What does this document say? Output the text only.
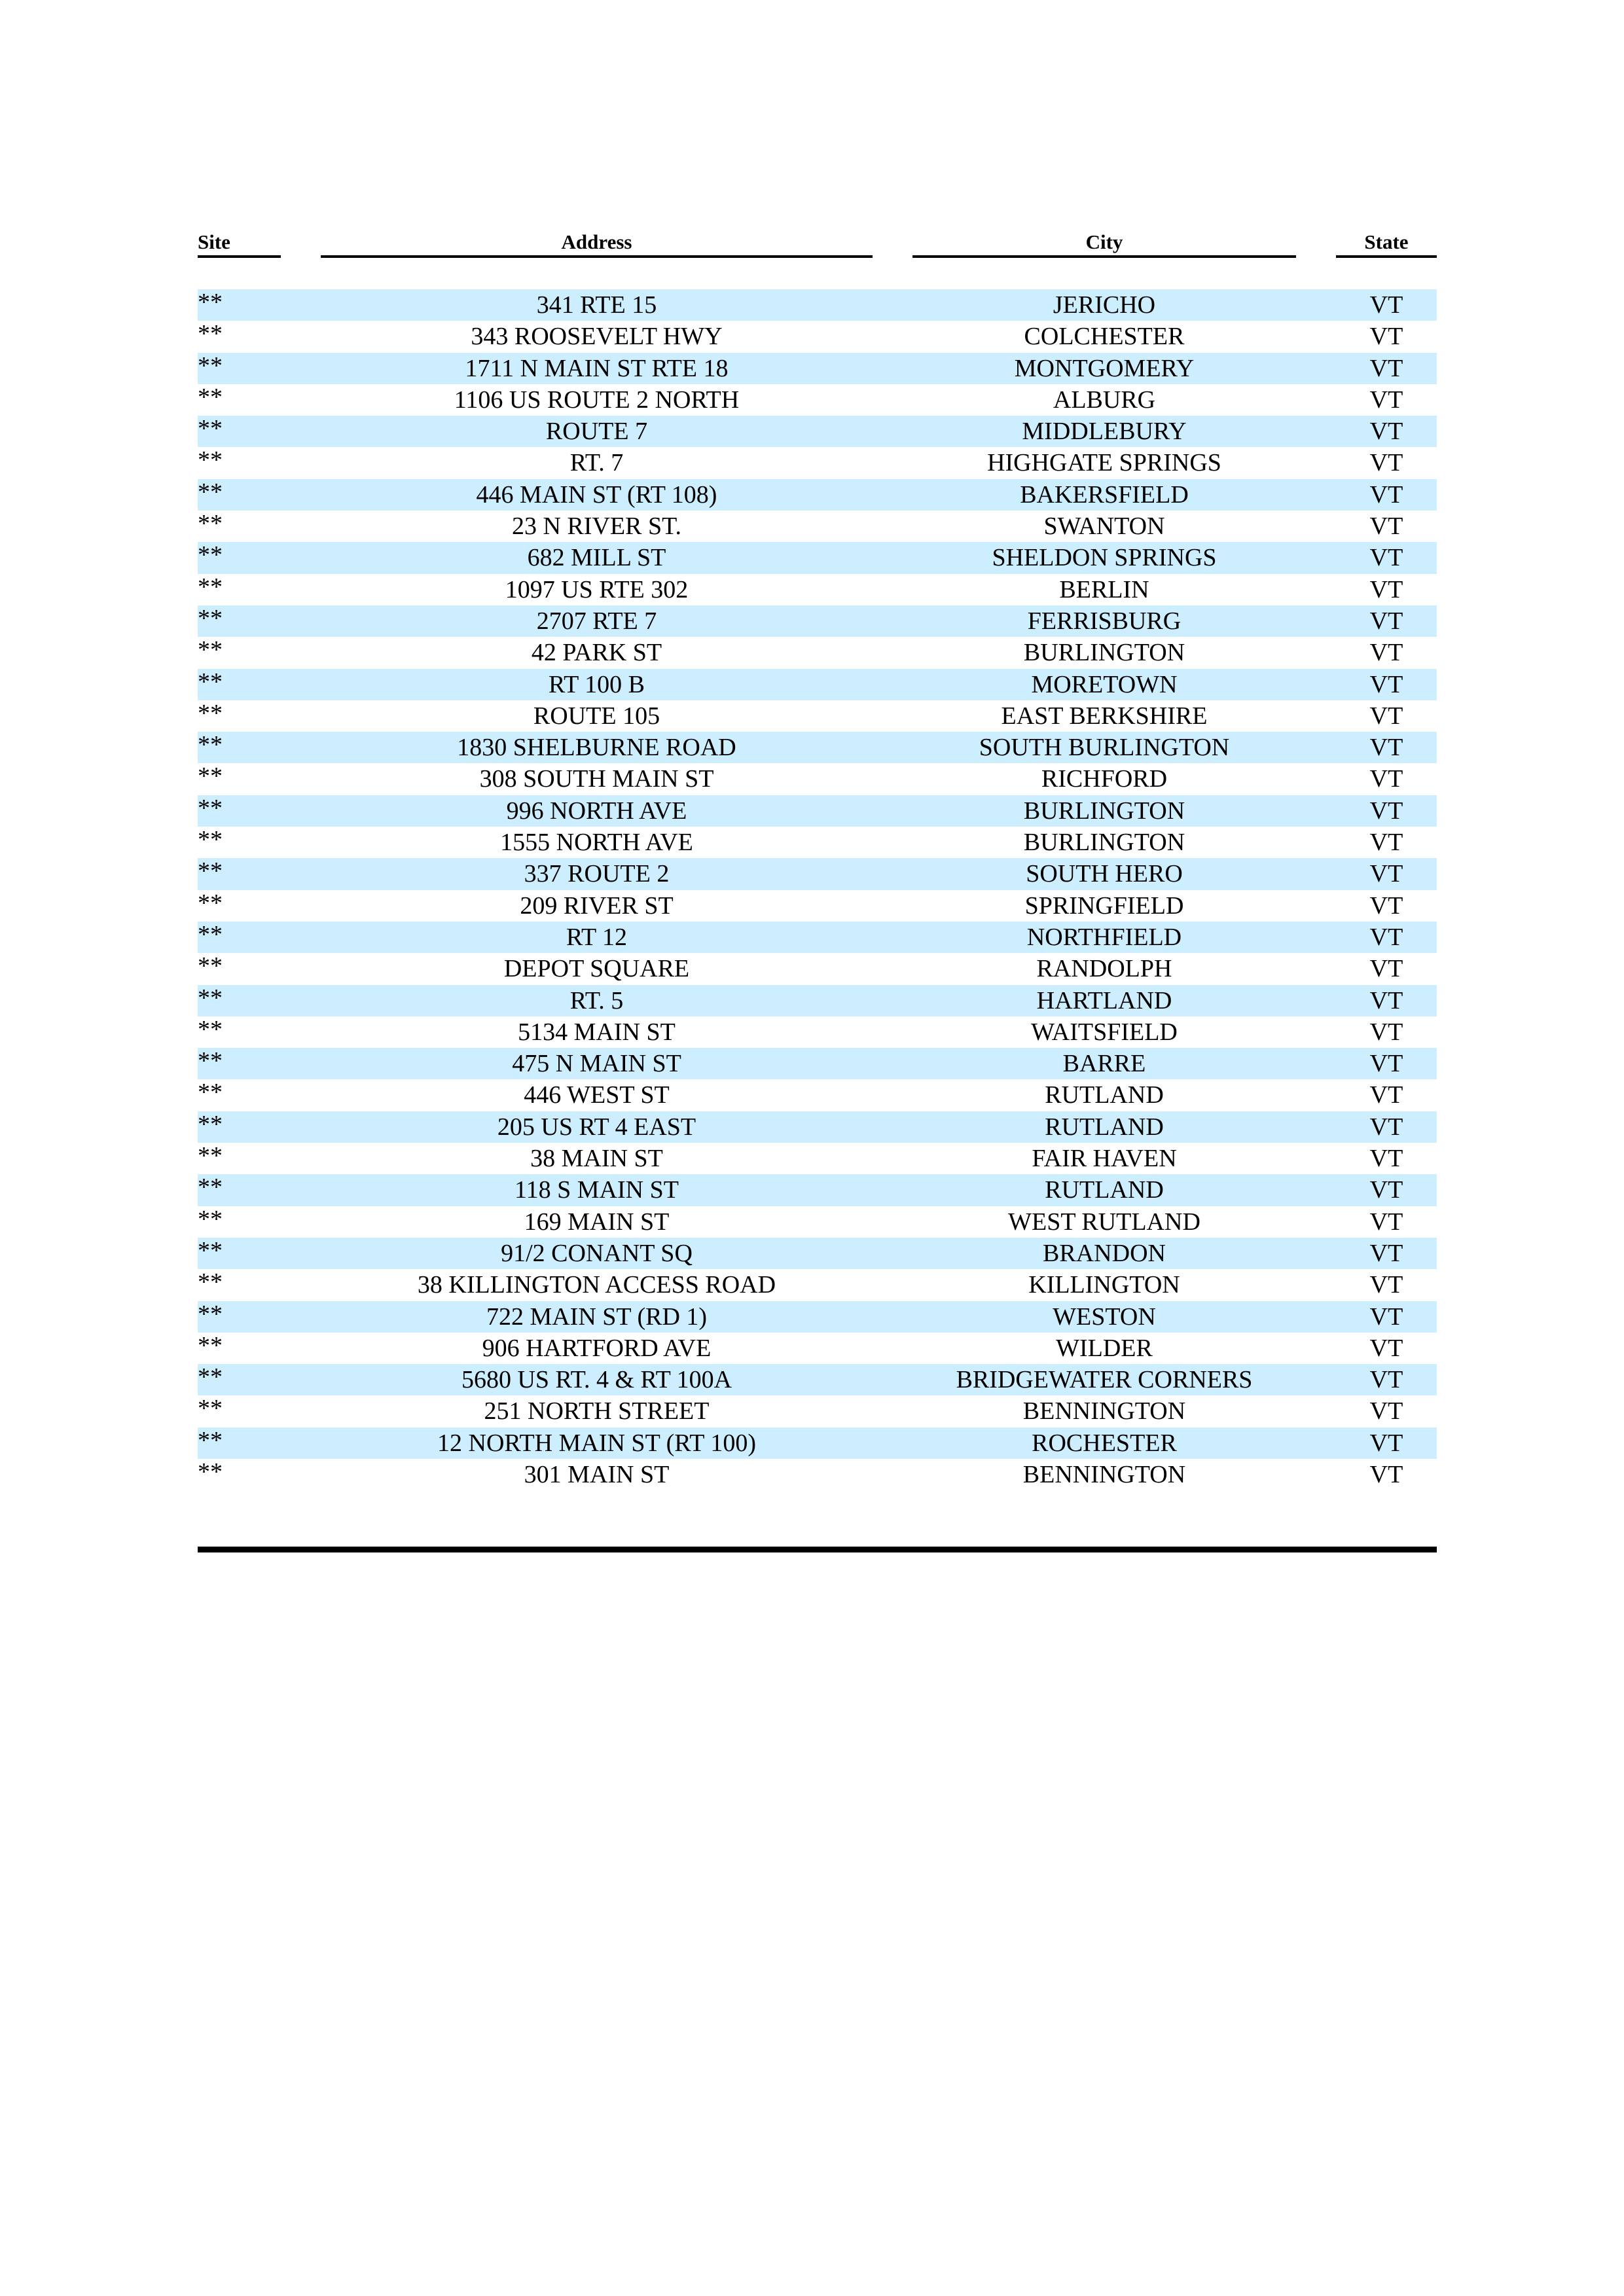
Site	Address	City	State
**	341 RTE 15	JERICHO	VT
**	343 ROOSEVELT HWY	COLCHESTER	VT
**	1711 N MAIN ST RTE 18	MONTGOMERY	VT
**	1106 US ROUTE 2 NORTH	ALBURG	VT
**	ROUTE 7	MIDDLEBURY	VT
**	RT. 7	HIGHGATE SPRINGS	VT
**	446 MAIN ST (RT 108)	BAKERSFIELD	VT
**	23 N RIVER ST.	SWANTON	VT
**	682 MILL ST	SHELDON SPRINGS	VT
**	1097 US RTE 302	BERLIN	VT
**	2707 RTE 7	FERRISBURG	VT
**	42 PARK ST	BURLINGTON	VT
**	RT 100 B	MORETOWN	VT
**	ROUTE 105	EAST BERKSHIRE	VT
**	1830 SHELBURNE ROAD	SOUTH BURLINGTON	VT
**	308 SOUTH MAIN ST	RICHFORD	VT
**	996 NORTH AVE	BURLINGTON	VT
**	1555 NORTH AVE	BURLINGTON	VT
**	337 ROUTE 2	SOUTH HERO	VT
**	209 RIVER ST	SPRINGFIELD	VT
**	RT 12	NORTHFIELD	VT
**	DEPOT SQUARE	RANDOLPH	VT
**	RT. 5	HARTLAND	VT
**	5134 MAIN ST	WAITSFIELD	VT
**	475 N MAIN ST	BARRE	VT
**	446 WEST ST	RUTLAND	VT
**	205 US RT 4 EAST	RUTLAND	VT
**	38 MAIN ST	FAIR HAVEN	VT
**	118 S MAIN ST	RUTLAND	VT
**	169 MAIN ST	WEST RUTLAND	VT
**	91/2 CONANT SQ	BRANDON	VT
**	38 KILLINGTON ACCESS ROAD	KILLINGTON	VT
**	722 MAIN ST (RD 1)	WESTON	VT
**	906 HARTFORD AVE	WILDER	VT
**	5680 US RT. 4 & RT 100A	BRIDGEWATER CORNERS	VT
**	251 NORTH STREET	BENNINGTON	VT
**	12 NORTH MAIN ST (RT 100)	ROCHESTER	VT
**	301 MAIN ST	BENNINGTON	VT
